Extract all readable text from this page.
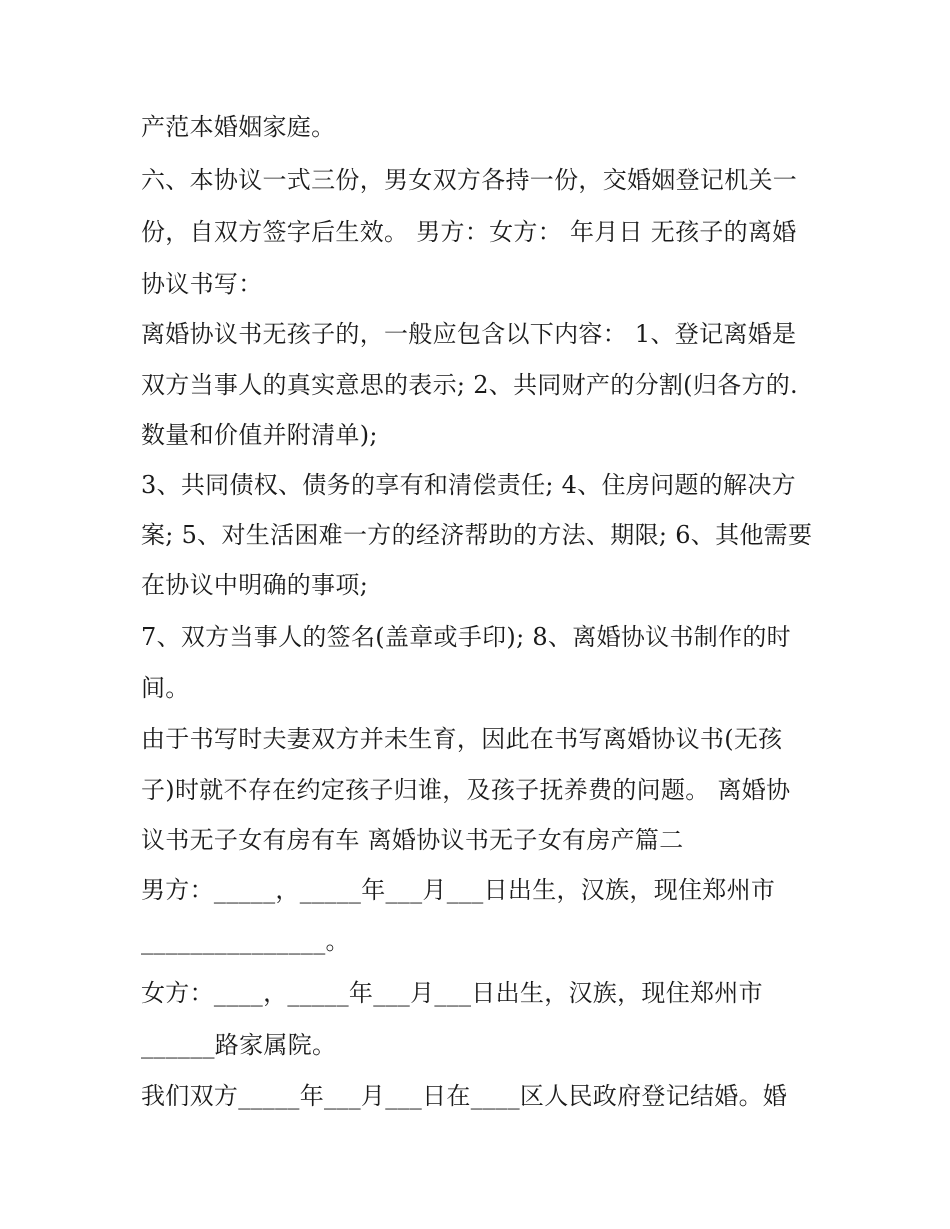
产范本婚姻家庭。
六、本协议一式三份，男女双方各持一份，交婚姻登记机关一
份，自双方签字后生效。 男方：女方： 年月日 无孩子的离婚
协议书写：
离婚协议书无孩子的，一般应包含以下内容： 1、登记离婚是
双方当事人的真实意思的表示; 2、共同财产的分割(归各方的.
数量和价值并附清单);
3、共同债权、债务的享有和清偿责任; 4、住房问题的解决方
案; 5、对生活困难一方的经济帮助的方法、期限; 6、其他需要
在协议中明确的事项;
7、双方当事人的签名(盖章或手印); 8、离婚协议书制作的时
间。
由于书写时夫妻双方并未生育，因此在书写离婚协议书(无孩
子)时就不存在约定孩子归谁，及孩子抚养费的问题。 离婚协
议书无子女有房有车 离婚协议书无子女有房产篇二
男方：_____，_____年___月___日出生，汉族，现住郑州市
_______________。
女方：____，_____年___月___日出生，汉族，现住郑州市
______路家属院。
我们双方_____年___月___日在____区人民政府登记结婚。婚
